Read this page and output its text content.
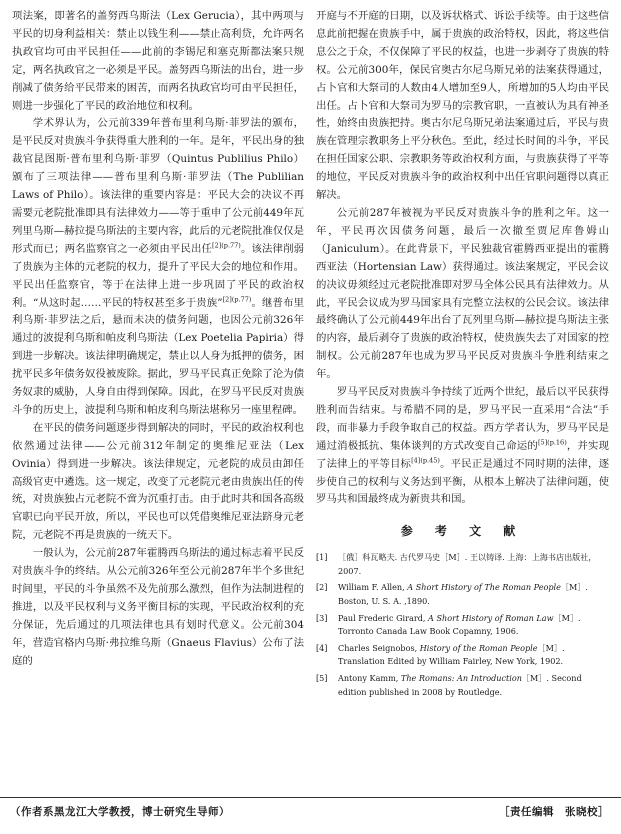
项法案，即著名的盖努西乌斯法（Lex Gerucia），其中两项与平民的切身利益相关：禁止以钱生利——禁止高利贷，允许两名执政官均可由平民担任——此前的李锡尼和塞克斯都法案只规定，两名执政官之一必须是平民。盖努西乌斯法的出台，进一步削减了债务给平民带来的困苦，而两名执政官均可由平民担任，则进一步强化了平民的政治地位和权利。

学术界认为，公元前339年普布里利乌斯·菲罗法的颁布，是平民反对贵族斗争获得重大胜利的一年。是年，平民出身的独裁官昆图斯·普布里利乌斯·菲罗（Quintus Publilius Philo）颁布了三项法律——普布里利乌斯·菲罗法（The Publilian Laws of Philo）。该法律的重要内容是：平民大会的决议不再需要元老院批准即具有法律效力——等于重申了公元前449年瓦列里乌斯—赫拉提乌斯法的主要内容，此后的元老院批准仅仅是形式而已；两名监察官之一必须由平民出任$^{[2](p.77)}$。该法律削弱了贵族为主体的元老院的权力，提升了平民大会的地位和作用。平民出任监察官，等于在法律上进一步巩固了平民的政治权利。“从这时起……平民的特权甚至多于贵族”$^{[2](p.77)}$。继普布里利乌斯·菲罗法之后，悬而未决的债务问题，也因公元前326年通过的波提利乌斯和帕皮利乌斯法（Lex Poetelia Papiria）得到进一步解决。该法律明确规定，禁止以人身为抵押的债务，困扰平民多年债务奴役被废除。据此，罗马平民真正免除了沦为债务奴隶的威胁，人身自由得到保障。因此，在罗马平民反对贵族斗争的历史上，波提利乌斯和帕皮利乌斯法堪称另一座里程碑。

在平民的债务问题逐步得到解决的同时，平民的政治权利也依然通过法律——公元前312年制定的奥维尼亚法（Lex Ovinia）得到进一步解决。该法律规定，元老院的成员由卸任高级官吏中遴选。这一规定，改变了元老院元老由贵族出任的传统，对贵族独占元老院不啻为沉重打击。由于此时共和国各高级官职已向平民开放，所以，平民也可以凭借奥维尼亚法跻身元老院，元老院不再是贵族的一统天下。

一般认为，公元前287年霍腾西乌斯法的通过标志着平民反对贵族斗争的终结。从公元前326年至公元前287年半个多世纪时间里，平民的斗争虽然不及先前那么激烈，但作为法制进程的推进，以及平民权利与义务平衡目标的实现，平民政治权利的充分保证，先后通过的几项法律也具有划时代意义。公元前304年，营造官格内乌斯·弗拉维乌斯（Gnaeus Flavius）公布了法庭的

开庭与不开庭的日期，以及诉状格式、诉讼手续等。由于这些信息此前把握在贵族手中，属于贵族的政治特权，因此，将这些信息公之于众，不仅保障了平民的权益，也进一步剥夺了贵族的特权。公元前300年，保民官奥古尔尼乌斯兄弟的法案获得通过，占卜官和大祭司的人数由4人增加至9人，所增加的5人均由平民出任。占卜官和大祭司为罗马的宗教官职，一直被认为具有神圣性，始终由贵族把持。奥古尔尼乌斯兄弟法案通过后，平民与贵族在管理宗教职务上平分秋色。至此，经过长时间的斗争，平民在担任国家公职、宗教职务等政治权利方面，与贵族获得了平等的地位，平民反对贵族斗争的政治权利中出任官职问题得以真正解决。

公元前287年被视为平民反对贵族斗争的胜利之年。这一年，平民再次因债务问题，最后一次撤至贾尼库鲁姆山（Janiculum）。在此背景下，平民独裁官霍腾西亚提出的霍腾西亚法（Hortensian Law）获得通过。该法案规定，平民会议的决议毋须经过元老院批准即对罗马全体公民具有法律效力。从此，平民会议成为罗马国家具有完整立法权的公民会议。该法律最终确认了公元前449年出台了瓦列里乌斯—赫拉提乌斯法主张的内容，最后剥夺了贵族的政治特权，使贵族失去了对国家的控制权。公元前287年也成为罗马平民反对贵族斗争胜利结束之年。

罗马平民反对贵族斗争持续了近两个世纪，最后以平民获得胜利而告结束。与希腊不同的是，罗马平民一直采用“合法”手段，而非暴力手段争取自己的权益。西方学者认为，罗马平民是通过消极抵抗、集体谈判的方式改变自己命运的$^{[5](p.16)}$，并实现了法律上的平等目标$^{[4](p.45)}$。平民正是通过不同时期的法律，逐步使自己的权利与义务达到平衡，从根本上解决了法律问题，使罗马共和国最终成为新贵共和国。

参 考 文 献
[1] ［俄］科瓦略夫. 古代罗马史［M］. 王以铸译. 上海：上海书店出版社，2007.
[2] William F. Allen, A Short History of The Roman People［M］. Boston, U. S. A. ,1890.
[3] Paul Frederic Girard, A Short History of Roman Law［M］. Torronto Canada Law Book Copamny, 1906.
[4] Charles Seignobos, History of the Roman People［M］. Translation Edited by William Fairley, New York, 1902.
[5] Antony Kamm, The Romans: An Introduction［M］. Second edition published in 2008 by Routledge.
（作者系黑龙江大学教授，博士研究生导师）	［责任编辑　张晓校］
